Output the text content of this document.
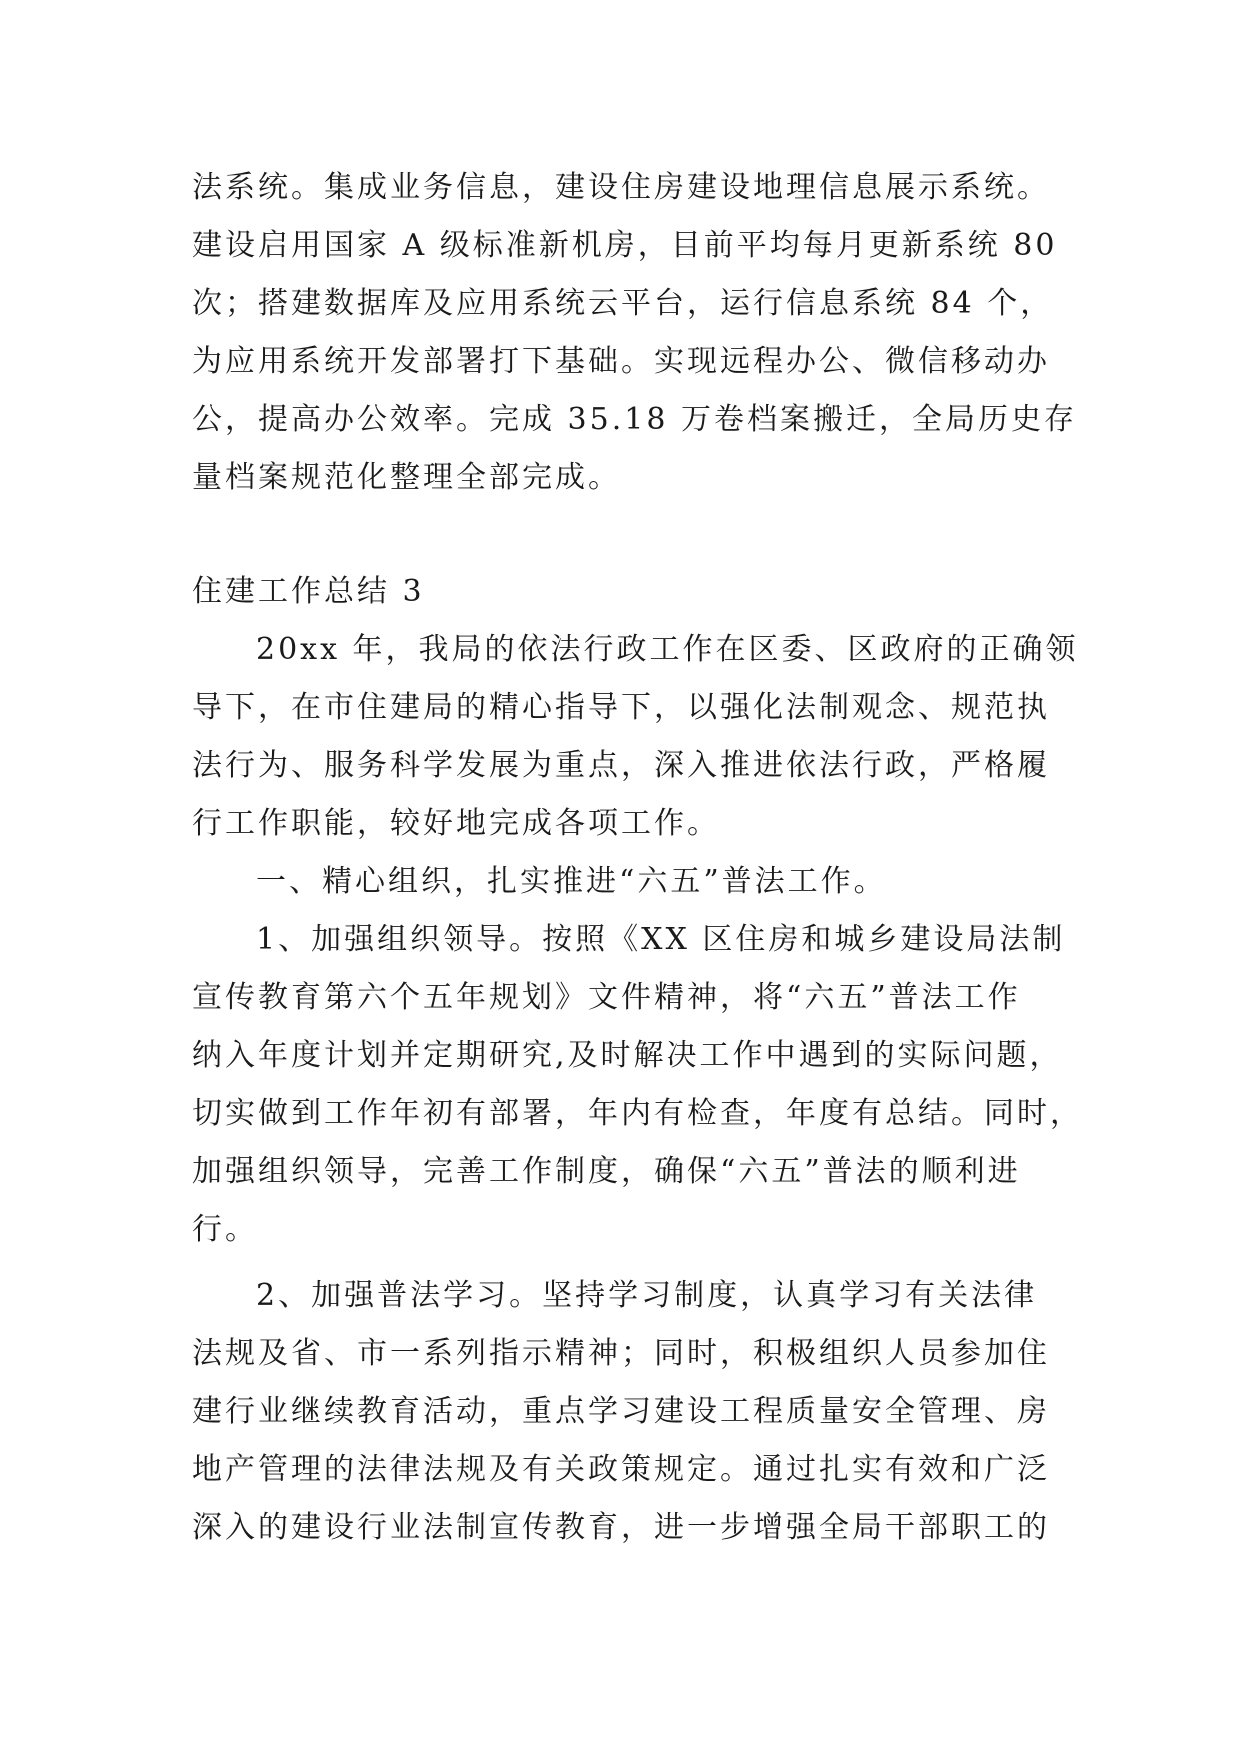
法系统。集成业务信息，建设住房建设地理信息展示系统。
建设启用国家 A 级标准新机房，目前平均每月更新系统 80
次；搭建数据库及应用系统云平台，运行信息系统 84 个，
为应用系统开发部署打下基础。实现远程办公、微信移动办
公，提高办公效率。完成 35.18 万卷档案搬迁，全局历史存
量档案规范化整理全部完成。
住建工作总结 3
20xx 年，我局的依法行政工作在区委、区政府的正确领
导下，在市住建局的精心指导下，以强化法制观念、规范执
法行为、服务科学发展为重点，深入推进依法行政，严格履
行工作职能，较好地完成各项工作。
一、精心组织，扎实推进“六五”普法工作。
1、加强组织领导。按照《XX 区住房和城乡建设局法制
宣传教育第六个五年规划》文件精神，将“六五”普法工作
纳入年度计划并定期研究,及时解决工作中遇到的实际问题，
切实做到工作年初有部署，年内有检查，年度有总结。同时，
加强组织领导，完善工作制度，确保“六五”普法的顺利进
行。
2、加强普法学习。坚持学习制度，认真学习有关法律
法规及省、市一系列指示精神；同时，积极组织人员参加住
建行业继续教育活动，重点学习建设工程质量安全管理、房
地产管理的法律法规及有关政策规定。通过扎实有效和广泛
深入的建设行业法制宣传教育，进一步增强全局干部职工的
